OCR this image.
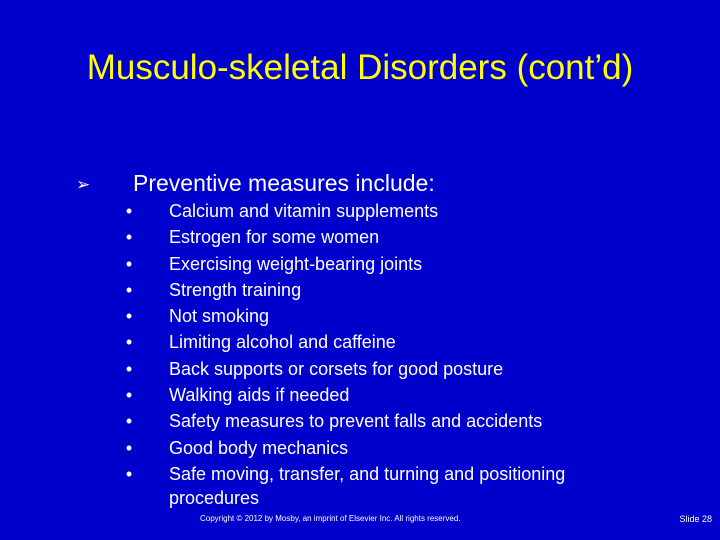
Musculo-skeletal Disorders (cont’d)
➢ Preventive measures include:
• Calcium and vitamin supplements
• Estrogen for some women
• Exercising weight-bearing joints
• Strength training
• Not smoking
• Limiting alcohol and caffeine
• Back supports or corsets for good posture
• Walking aids if needed
• Safety measures to prevent falls and accidents
• Good body mechanics
• Safe moving, transfer, and turning and positioning procedures
Copyright © 2012 by Mosby, an imprint of Elsevier Inc. All rights reserved.	Slide 28
